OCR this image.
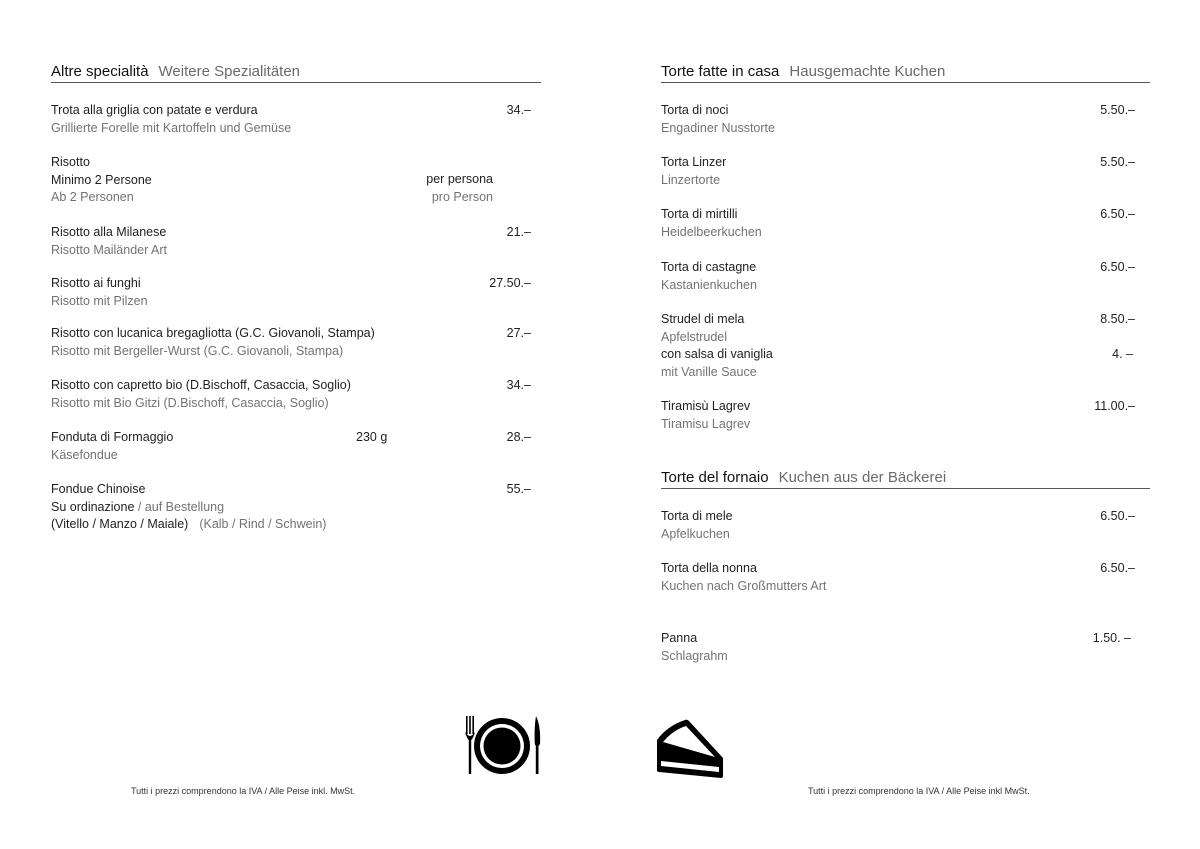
Altre specialità Weitere Spezialitäten
Trota alla griglia con patate e verdura
Grillierte Forelle mit Kartoffeln und Gemüse
34.–
Risotto
Minimo 2 Persone
Ab 2 Personen
per persona
pro Person
Risotto alla Milanese
Risotto Mailänder Art
21.–
Risotto ai funghi
Risotto mit Pilzen
27.50.–
Risotto con lucanica bregagliotta (G.C. Giovanoli, Stampa)
Risotto mit Bergeller-Wurst (G.C. Giovanoli, Stampa)
27.–
Risotto con capretto bio (D.Bischoff, Casaccia, Soglio)
Risotto mit Bio Gitzi (D.Bischoff, Casaccia, Soglio)
34.–
Fonduta di Formaggio
Käsefondue
230 g	28.–
Fondue Chinoise
Su ordinazione / auf Bestellung
(Vitello / Manzo / Maiale) (Kalb / Rind / Schwein)
55.–
Tutti i prezzi comprendono la IVA / Alle Peise inkl. MwSt.
Torte fatte in casa Hausgemachte Kuchen
Torta di noci
Engadiner Nusstorte
5.50.–
Torta Linzer
Linzertorte
5.50.–
Torta di mirtilli
Heidelbeerkuchen
6.50.–
Torta di castagne
Kastanienkuchen
6.50.–
Strudel di mela
Apfelstrudel
con salsa di vaniglia
mit Vanille Sauce
8.50.–
4. –
Tiramisù Lagrev
Tiramisu Lagrev
11.00.–
Torte del fornaio Kuchen aus der Bäckerei
Torta di mele
Apfelkuchen
6.50.–
Torta della nonna
Kuchen nach Großmutters Art
6.50.–
Panna
Schlagrahm
1.50. –
Tutti i prezzi comprendono la IVA / Alle Peise inkl MwSt.
